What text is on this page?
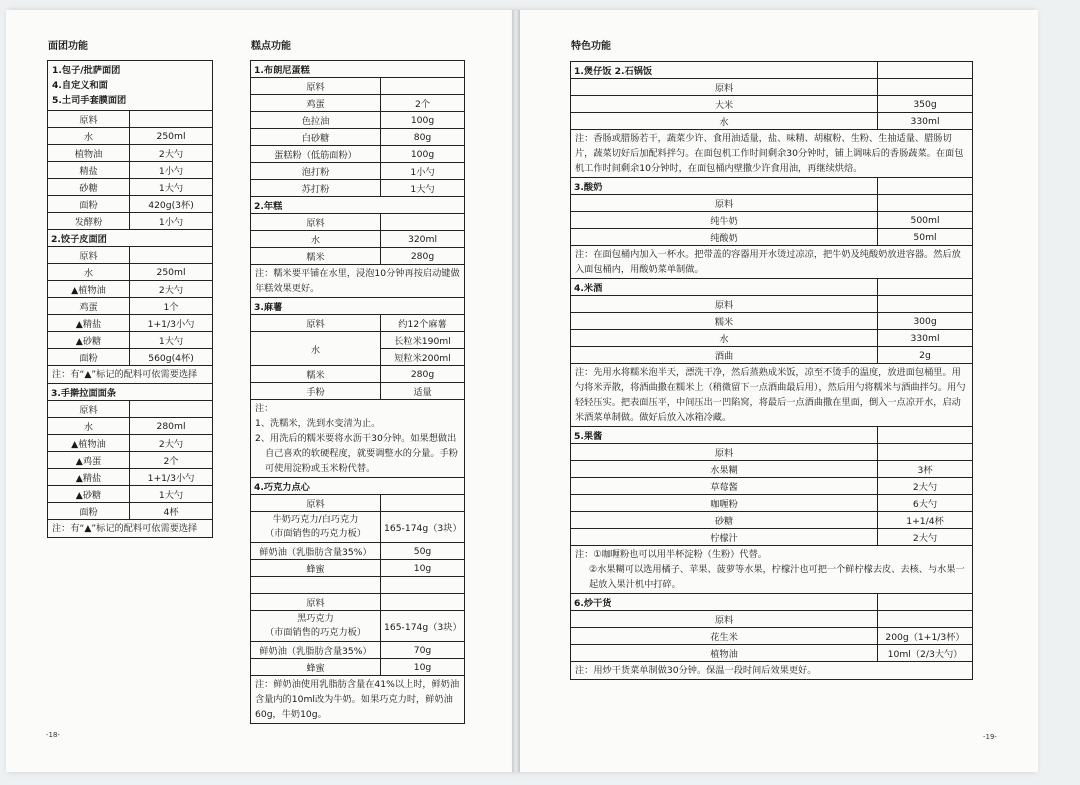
面团功能
1.包子/批萨面团
4.自定义和面
5.土司手套膜面团	

原料	
水	250ml
植物油	2大勺
精盐	1小勺
砂糖	1大勺
面粉	420g(3杯)
发酵粉	1小勺
2.饺子皮面团	
原料	
水	250ml
▲植物油	2大勺
鸡蛋	1个
▲精盐	1+1/3小勺
▲砂糖	1大勺
面粉	560g(4杯)
注：有“▲”标记的配料可依需要选择	
3.手擀拉面面条	
原料	
水	280ml
▲植物油	2大勺
▲鸡蛋	2个
▲精盐	1+1/3小勺
▲砂糖	1大勺
面粉	4杯
注：有“▲”标记的配料可依需要选择	
糕点功能
1.布朗尼蛋糕	
原料	
鸡蛋	2个
色拉油	100g
白砂糖	80g
蛋糕粉（低筋面粉）	100g
泡打粉	1小勺
苏打粉	1大勺
2.年糕	
原料	
水	320ml
糯米	280g
注：糯米要平铺在水里，浸泡10分钟再按启动键做年糕效果更好。	
3.麻薯	
原料	约12个麻薯
水	长粒米190ml
	短粒米200ml
糯米	280g
手粉	适量

注：
1、洗糯米，洗到水变清为止。
2、用洗后的糯米要将水沥干30分钟。如果想做出自己喜欢的软硬程度，就要调整水的分量。手粉可使用淀粉或玉米粉代替。	

4.巧克力点心	
原料	

牛奶巧克力/白巧克力
（市面销售的巧克力板）	165-174g（3块）
鲜奶油（乳脂肪含量35%）	50g
蜂蜜	10g

原料	

黑巧克力
（市面销售的巧克力板）	165-174g（3块）
鲜奶油（乳脂肪含量35%）	70g
蜂蜜	10g
注：鲜奶油使用乳脂肪含量在41%以上时，鲜奶油含量内的10ml改为牛奶。如果巧克力时，鲜奶油60g，牛奶10g。	
-18-
特色功能
1.煲仔饭 2.石锅饭	
原料	
大米	350g
水	330ml
注：香肠或腊肠若干，蔬菜少许、食用油适量，盐、味精、胡椒粉、生粉、生抽适量、腊肠切片，蔬菜切好后加配料拌匀。在面包机工作时间剩余30分钟时，铺上调味后的香肠蔬菜。在面包机工作时间剩余10分钟时，在面包桶内壁撒少许食用油，再继续烘焙。	
3.酸奶	
原料	
纯牛奶	500ml
纯酸奶	50ml
注：在面包桶内加入一杯水。把带盖的容器用开水烫过凉凉，把牛奶及纯酸奶放进容器。然后放入面包桶内，用酸奶菜单制做。	
4.米酒	
原料	
糯米	300g
水	330ml
酒曲	2g
注：先用水将糯米泡半天，漂洗干净，然后蒸熟成米饭，凉至不烫手的温度，放进面包桶里。用勺将米弄散，将酒曲撒在糯米上（稍微留下一点酒曲最后用），然后用勺将糯米与酒曲拌匀。用勺轻轻压实。把表面压平，中间压出一凹陷窝，将最后一点酒曲撒在里面，倒入一点凉开水，启动米酒菜单制做。做好后放入冰箱冷藏。	
5.果酱	
原料	
水果糊	3杯
草莓酱	2大勺
咖喱粉	6大勺
砂糖	1+1/4杯
柠檬汁	2大勺

注：①咖喱粉也可以用半杯淀粉（生粉）代替。
②水果糊可以选用橘子、苹果、菠萝等水果，柠檬汁也可把一个鲜柠檬去皮、去核、与水果一起放入果汁机中打碎。	

6.炒干货	
原料	
花生米	200g（1+1/3杯）
植物油	10ml（2/3大勺）
注：用炒干货菜单制做30分钟。保温一段时间后效果更好。	
-19-
